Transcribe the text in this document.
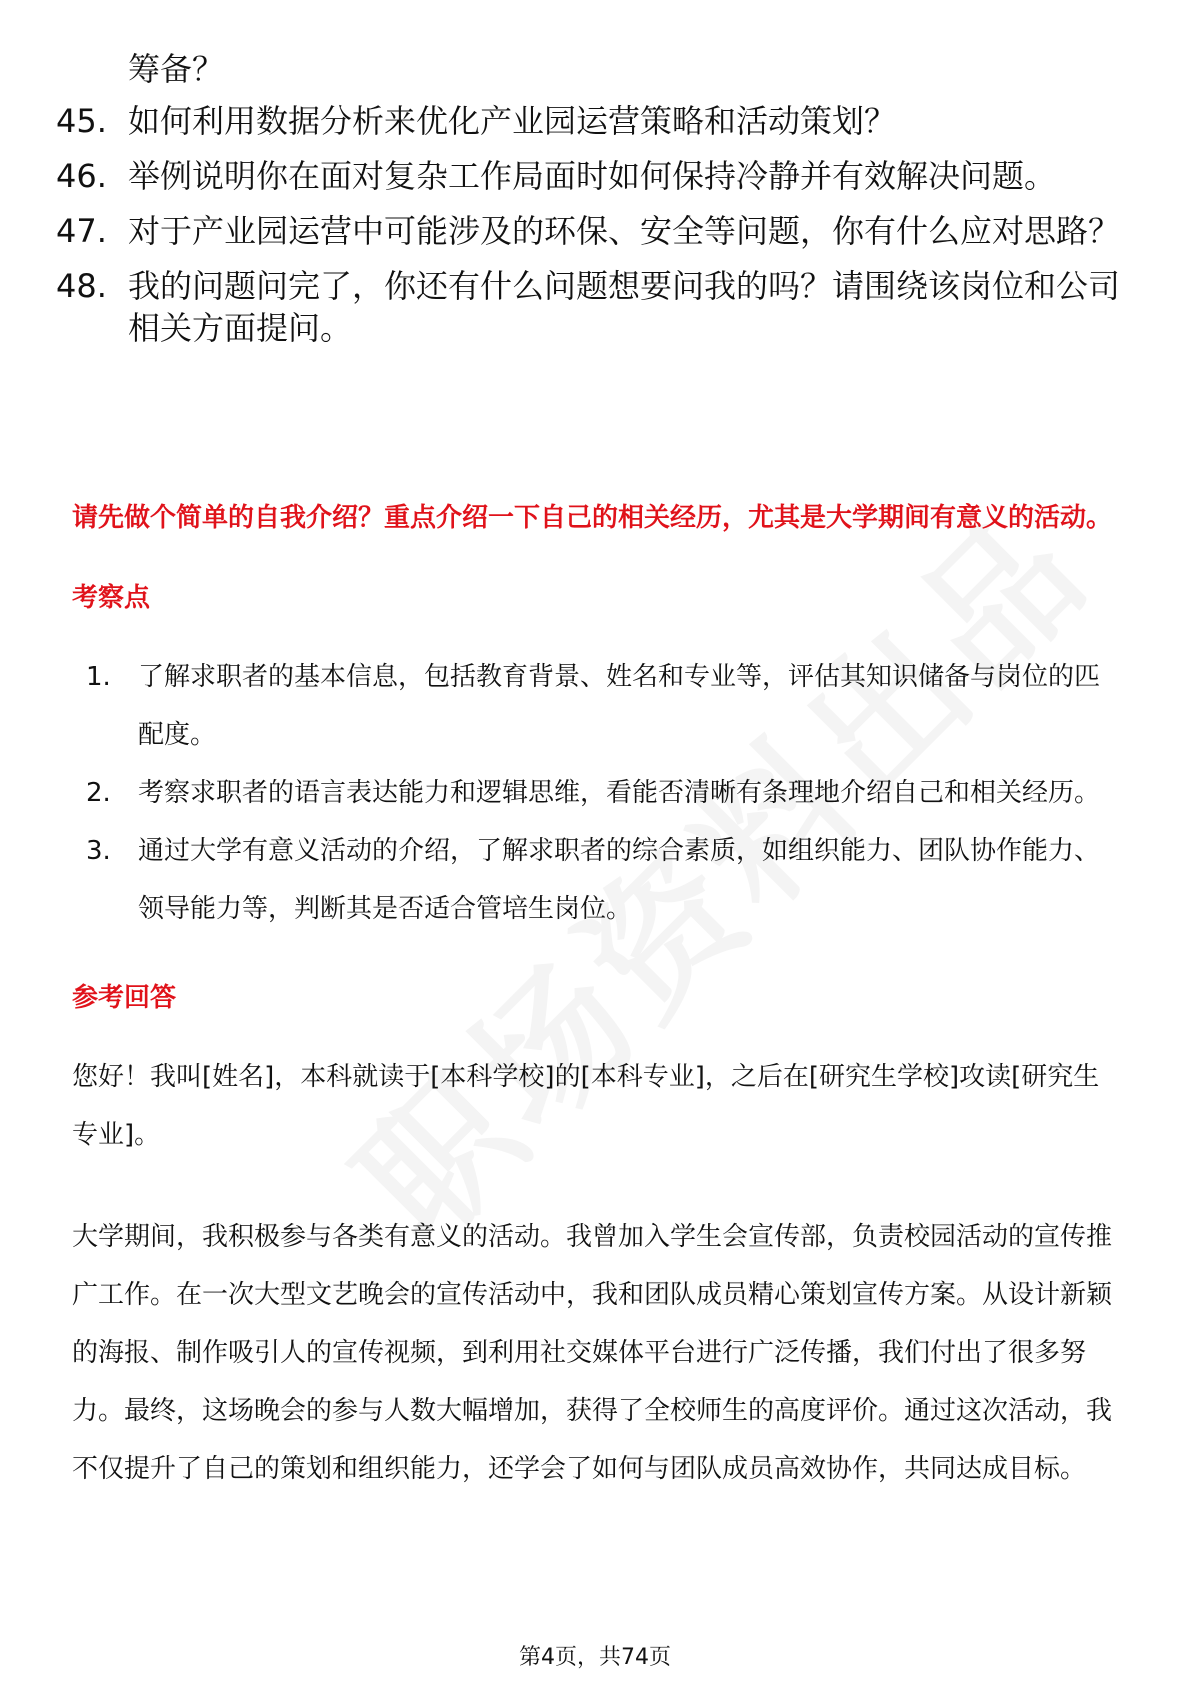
筹备？

45. 如何利用数据分析来优化产业园运营策略和活动策划？
46. 举例说明你在面对复杂工作局面时如何保持冷静并有效解决问题。
47. 对于产业园运营中可能涉及的环保、安全等问题，你有什么应对思路？
48. 我的问题问完了，你还有什么问题想要问我的吗？请围绕该岗位和公司相关方面提问。

请先做个简单的自我介绍？重点介绍一下自己的相关经历，尤其是大学期间有意义的活动。

考察点

1.	了解求职者的基本信息，包括教育背景、姓名和专业等，评估其知识储备与岗位的匹配度。
2.	考察求职者的语言表达能力和逻辑思维，看能否清晰有条理地介绍自己和相关经历。
3.	通过大学有意义活动的介绍，了解求职者的综合素质，如组织能力、团队协作能力、领导能力等，判断其是否适合管培生岗位。

参考回答

您好！我叫[姓名]，本科就读于[本科学校]的[本科专业]，之后在[研究生学校]攻读[研究生专业]。

大学期间，我积极参与各类有意义的活动。我曾加入学生会宣传部，负责校园活动的宣传推广工作。在一次大型文艺晚会的宣传活动中，我和团队成员精心策划宣传方案。从设计新颖的海报、制作吸引人的宣传视频，到利用社交媒体平台进行广泛传播，我们付出了很多努力。最终，这场晚会的参与人数大幅增加，获得了全校师生的高度评价。通过这次活动，我不仅提升了自己的策划和组织能力，还学会了如何与团队成员高效协作，共同达成目标。

第4页，共74页
